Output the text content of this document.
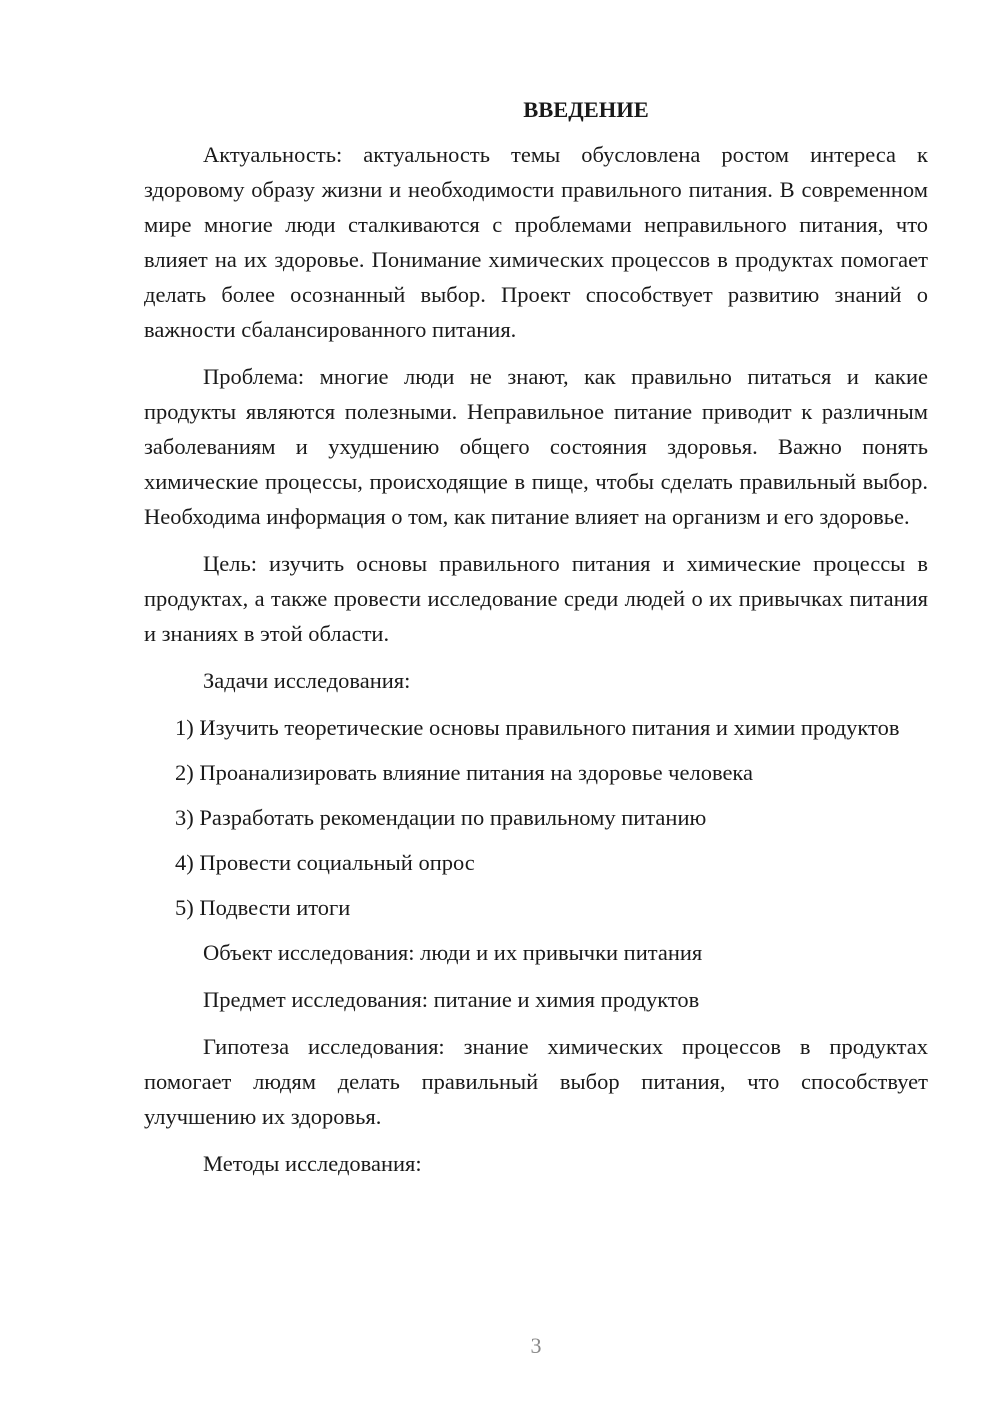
ВВЕДЕНИЕ

Актуальность: актуальность темы обусловлена ростом интереса к здоровому образу жизни и необходимости правильного питания. В современном мире многие люди сталкиваются с проблемами неправильного питания, что влияет на их здоровье. Понимание химических процессов в продуктах помогает делать более осознанный выбор. Проект способствует развитию знаний о важности сбалансированного питания.

Проблема: многие люди не знают, как правильно питаться и какие продукты являются полезными. Неправильное питание приводит к различным заболеваниям и ухудшению общего состояния здоровья. Важно понять химические процессы, происходящие в пище, чтобы сделать правильный выбор. Необходима информация о том, как питание влияет на организм и его здоровье.

Цель: изучить основы правильного питания и химические процессы в продуктах, а также провести исследование среди людей о их привычках питания и знаниях в этой области.

Задачи исследования:

1) Изучить теоретические основы правильного питания и химии продуктов

2) Проанализировать влияние питания на здоровье человека

3) Разработать рекомендации по правильному питанию

4) Провести социальный опрос

5) Подвести итоги

Объект исследования: люди и их привычки питания

Предмет исследования: питание и химия продуктов

Гипотеза исследования: знание химических процессов в продуктах помогает людям делать правильный выбор питания, что способствует улучшению их здоровья.

Методы исследования:

3
